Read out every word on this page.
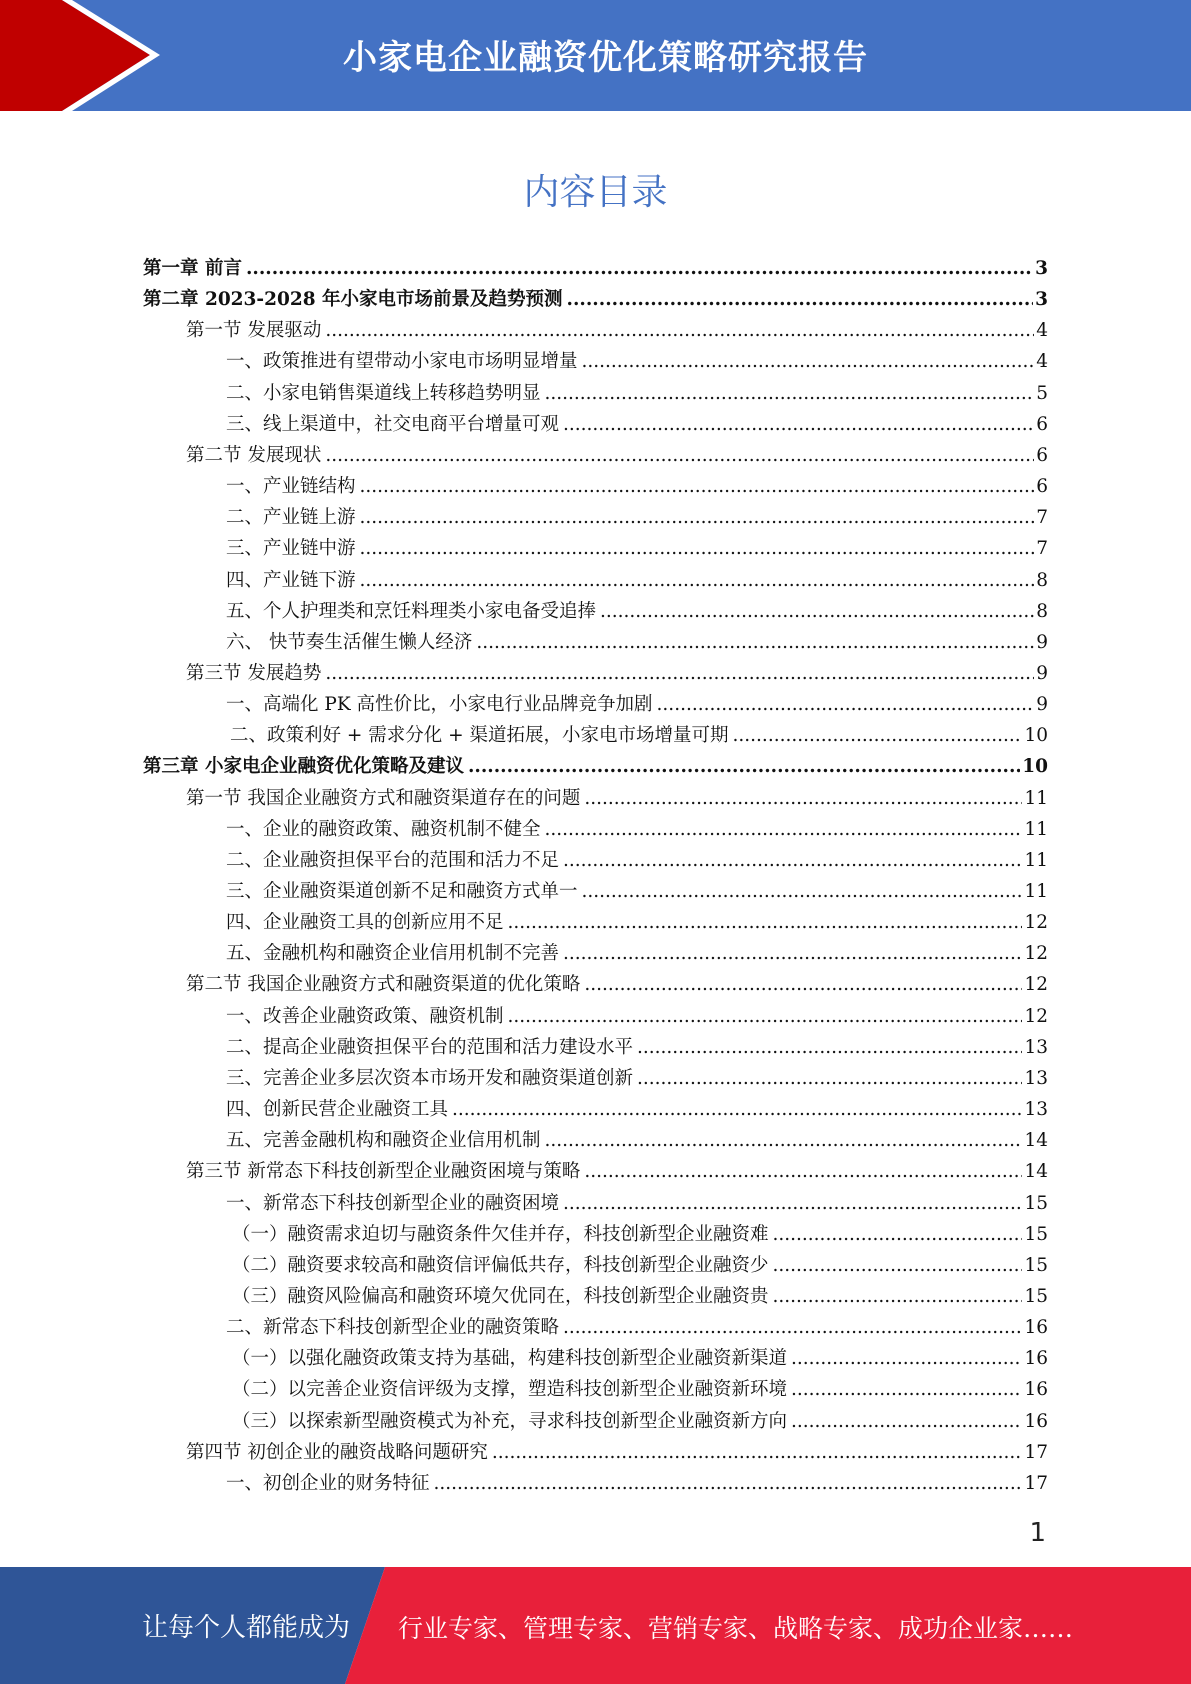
小家电企业融资优化策略研究报告
内容目录
第一章 前言 .....	3
第二章 2023-2028 年小家电市场前景及趋势预测 .....	3
第一节 发展驱动 .....	4
一、政策推进有望带动小家电市场明显增量 .....	4
二、小家电销售渠道线上转移趋势明显 .....	5
三、线上渠道中，社交电商平台增量可观 .....	6
第二节 发展现状 .....	6
一、产业链结构 .....	6
二、产业链上游 .....	7
三、产业链中游 .....	7
四、产业链下游 .....	8
五、个人护理类和烹饪料理类小家电备受追捧 .....	8
六、 快节奏生活催生懒人经济 .....	9
第三节 发展趋势 .....	9
一、高端化 PK 高性价比，小家电行业品牌竞争加剧 .....	9
二、政策利好 + 需求分化 + 渠道拓展，小家电市场增量可期 .....	10
第三章 小家电企业融资优化策略及建议 .....	10
第一节 我国企业融资方式和融资渠道存在的问题 .....	11
一、企业的融资政策、融资机制不健全 .....	11
二、企业融资担保平台的范围和活力不足 .....	11
三、企业融资渠道创新不足和融资方式单一 .....	11
四、企业融资工具的创新应用不足 .....	12
五、金融机构和融资企业信用机制不完善 .....	12
第二节 我国企业融资方式和融资渠道的优化策略 .....	12
一、改善企业融资政策、融资机制 .....	12
二、提高企业融资担保平台的范围和活力建设水平 .....	13
三、完善企业多层次资本市场开发和融资渠道创新 .....	13
四、创新民营企业融资工具 .....	13
五、完善金融机构和融资企业信用机制 .....	14
第三节 新常态下科技创新型企业融资困境与策略 .....	14
一、新常态下科技创新型企业的融资困境 .....	15
（一）融资需求迫切与融资条件欠佳并存，科技创新型企业融资难 .....	15
（二）融资要求较高和融资信评偏低共存，科技创新型企业融资少 .....	15
（三）融资风险偏高和融资环境欠优同在，科技创新型企业融资贵 .....	15
二、新常态下科技创新型企业的融资策略 .....	16
（一）以强化融资政策支持为基础，构建科技创新型企业融资新渠道 .....	16
（二）以完善企业资信评级为支撑，塑造科技创新型企业融资新环境 .....	16
（三）以探索新型融资模式为补充，寻求科技创新型企业融资新方向 .....	16
第四节 初创企业的融资战略问题研究 .....	17
一、初创企业的财务特征 .....	17
1
让每个人都能成为 行业专家、管理专家、营销专家、战略专家、成功企业家……
